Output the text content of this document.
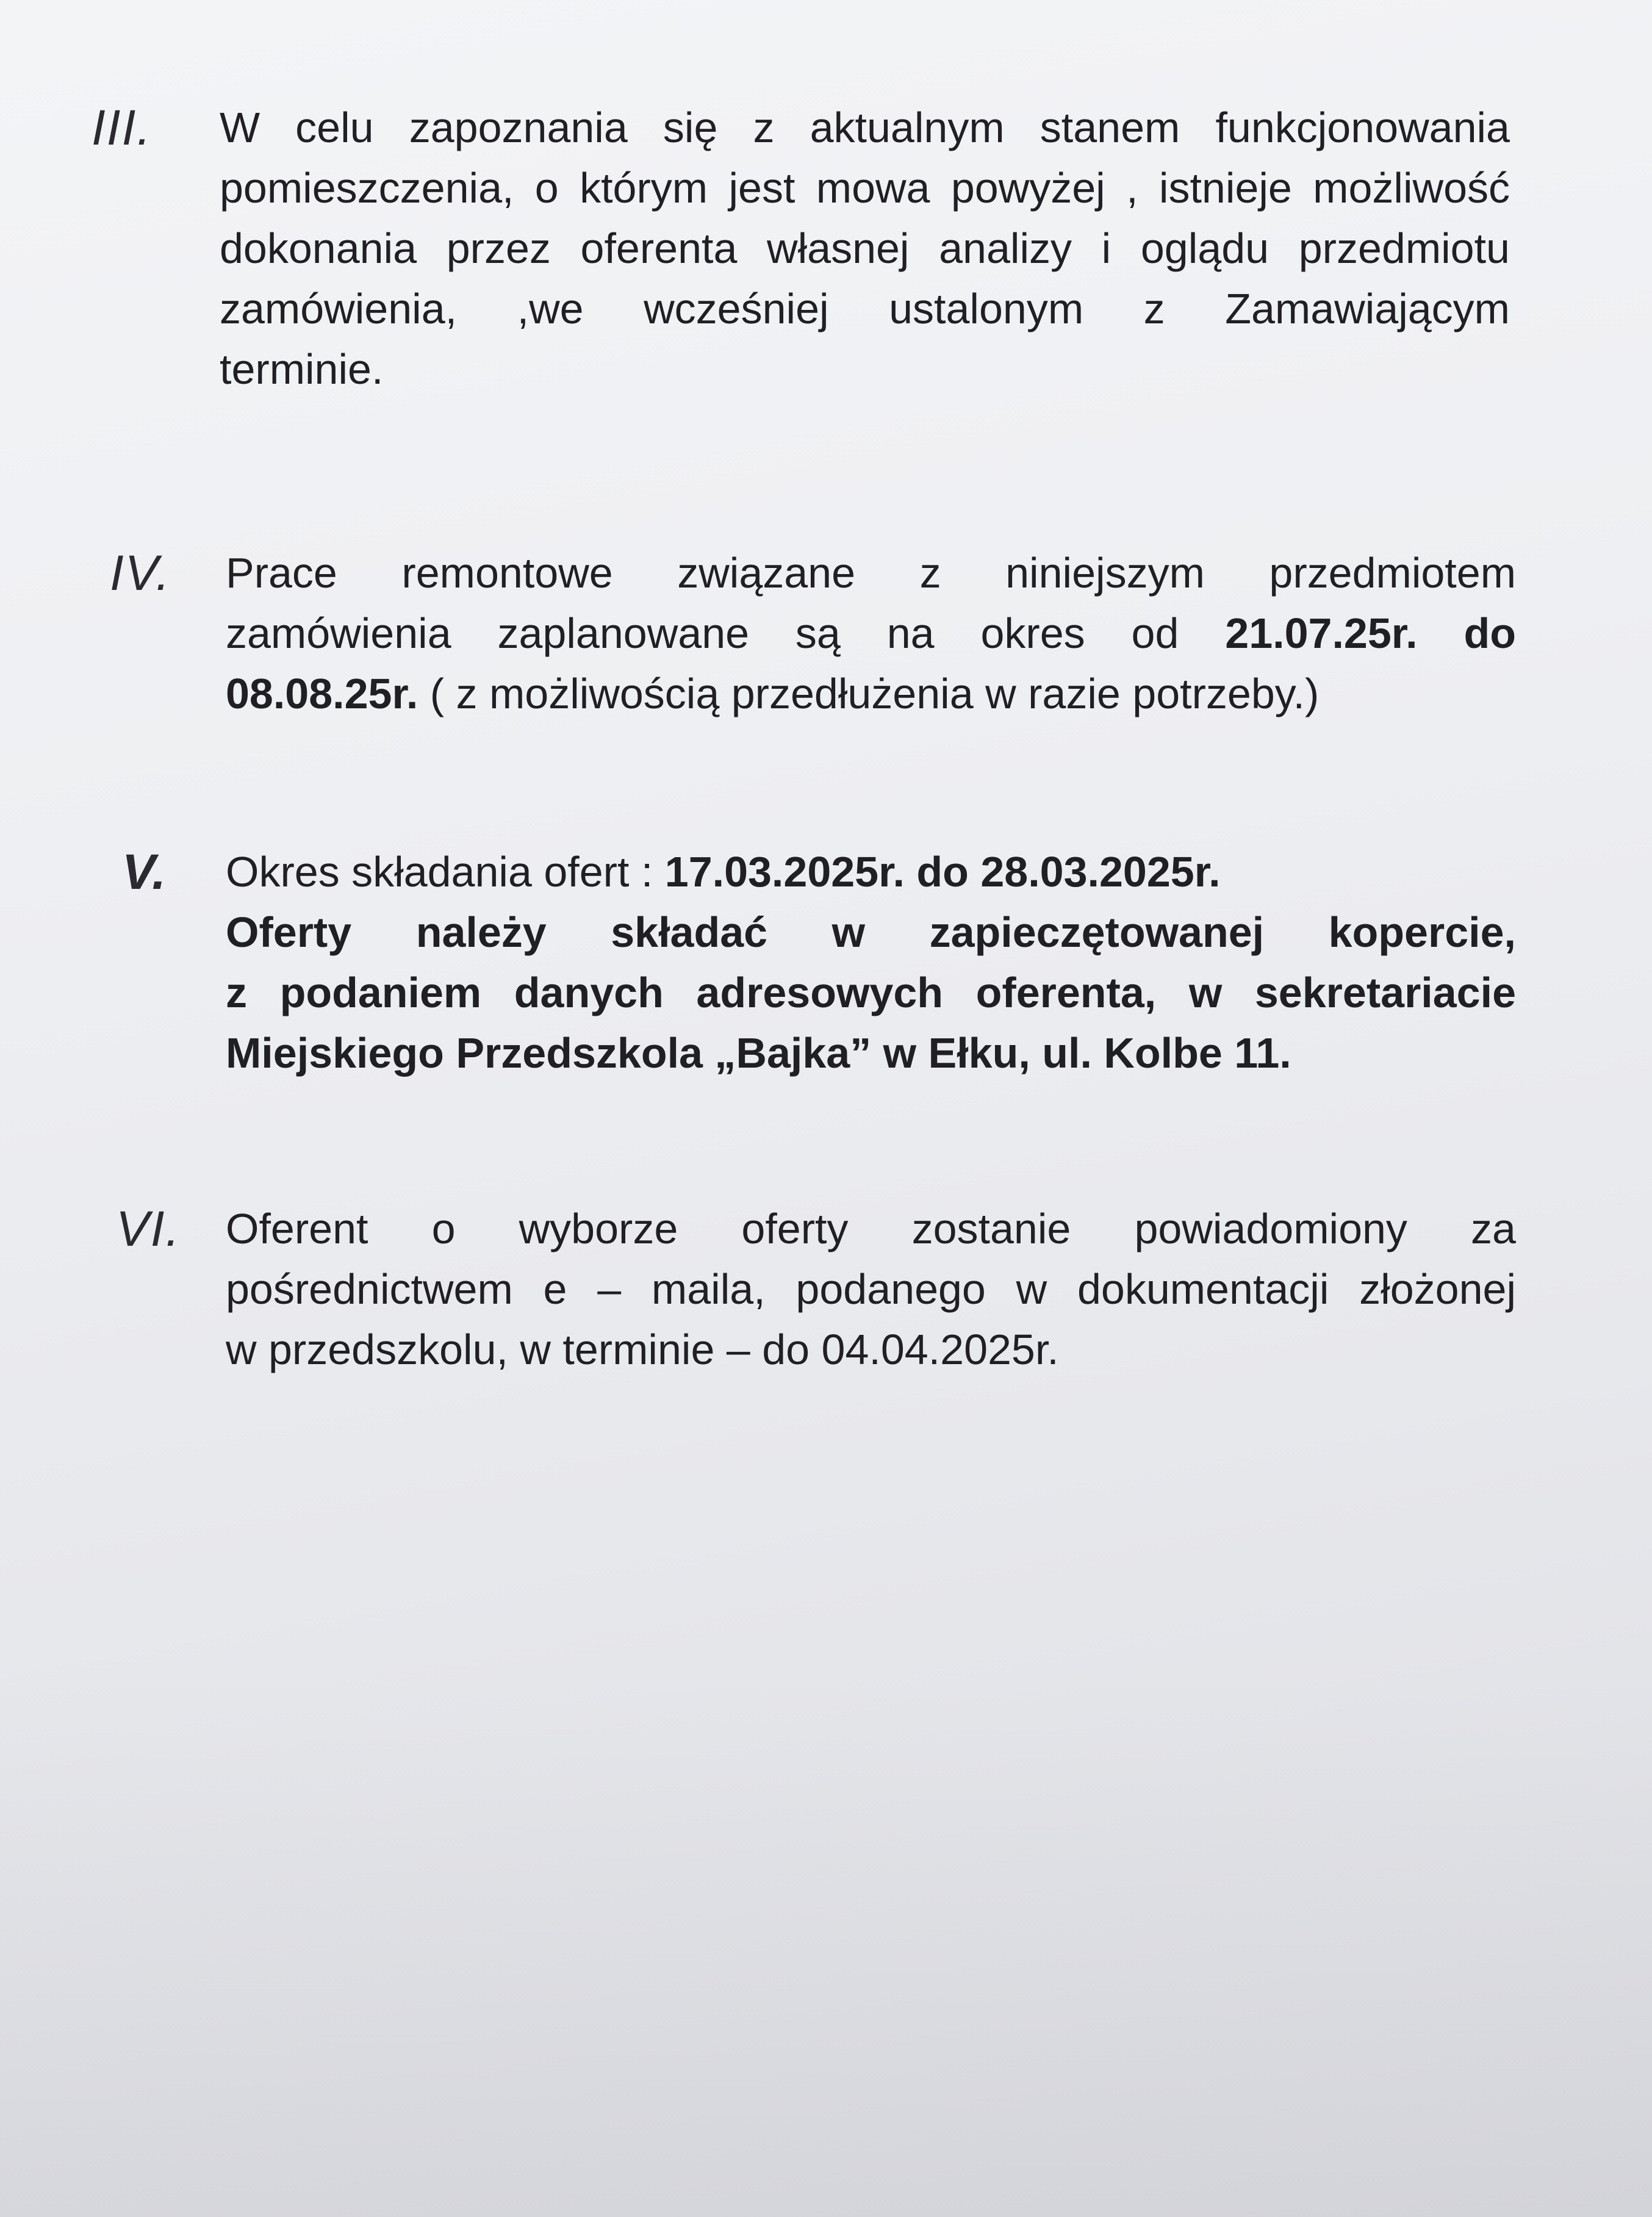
III. W celu zapoznania się z aktualnym stanem funkcjonowania
pomieszczenia, o którym jest mowa powyżej , istnieje możliwość
dokonania przez oferenta własnej analizy i oglądu przedmiotu
zamówienia, ,we wcześniej ustalonym z Zamawiającym
terminie.
IV. Prace remontowe związane z niniejszym przedmiotem
zamówienia zaplanowane są na okres od 21.07.25r. do
08.08.25r. ( z możliwością przedłużenia w razie potrzeby.)
V. Okres składania ofert : 17.03.2025r. do 28.03.2025r.
Oferty należy składać w zapieczętowanej kopercie,
z podaniem danych adresowych oferenta, w sekretariacie
Miejskiego Przedszkola „Bajka” w Ełku, ul. Kolbe 11.
VI. Oferent o wyborze oferty zostanie powiadomiony za
pośrednictwem e – maila, podanego w dokumentacji złożonej
w przedszkolu, w terminie – do 04.04.2025r.
